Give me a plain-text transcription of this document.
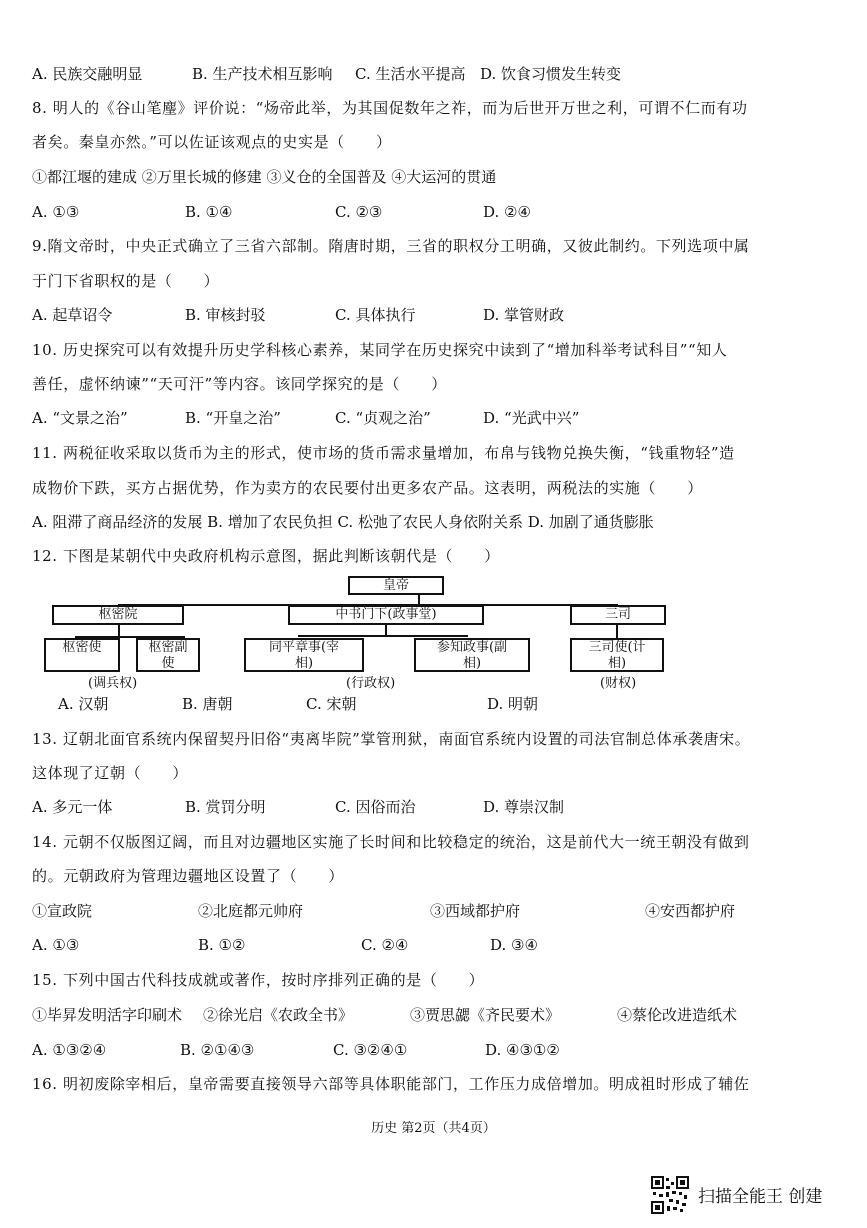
A. 民族交融明显	B. 生产技术相互影响 C. 生活水平提高 D. 饮食习惯发生转变
8. 明人的《谷山笔麈》评价说：“炀帝此举，为其国促数年之祚，而为后世开万世之利，可谓不仁而有功
者矣。秦皇亦然。”可以佐证该观点的史实是（　　）
①都江堰的建成 ②万里长城的修建 ③义仓的全国普及 ④大运河的贯通
A. ①③	B. ①④	C. ②③	D. ②④
9.隋文帝时，中央正式确立了三省六部制。隋唐时期，三省的职权分工明确，又彼此制约。下列选项中属
于门下省职权的是（　　）
A. 起草诏令	B. 审核封驳	C. 具体执行	D. 掌管财政
10. 历史探究可以有效提升历史学科核心素养，某同学在历史探究中读到了“增加科举考试科目”“知人
善任，虚怀纳谏”“天可汗”等内容。该同学探究的是（　　）
A. “文景之治”	B. “开皇之治”	C. “贞观之治”	D. “光武中兴”
11. 两税征收采取以货币为主的形式，使市场的货币需求量增加，布帛与钱物兑换失衡，“钱重物轻”造
成物价下跌，买方占据优势，作为卖方的农民要付出更多农产品。这表明，两税法的实施（　　）
A. 阻滞了商品经济的发展 B. 增加了农民负担 C. 松弛了农民人身依附关系 D. 加剧了通货膨胀
12. 下图是某朝代中央政府机构示意图，据此判断该朝代是（　　）
皇帝
枢密院	中书门下(政事堂)	三司
枢密使	枢密副使
同平章事(宰相)
参知政事(副相)
三司使(计相)
(调兵权)	(行政权)	(财权)
A. 汉朝	B. 唐朝	C. 宋朝	D. 明朝
13. 辽朝北面官系统内保留契丹旧俗“夷离毕院”掌管刑狱，南面官系统内设置的司法官制总体承袭唐宋。
这体现了辽朝（　　）
A. 多元一体	B. 赏罚分明	C. 因俗而治	D. 尊崇汉制
14. 元朝不仅版图辽阔，而且对边疆地区实施了长时间和比较稳定的统治，这是前代大一统王朝没有做到
的。元朝政府为管理边疆地区设置了（　　）
①宣政院	②北庭都元帅府	③西域都护府	④安西都护府
A. ①③	B. ①②	C. ②④	D. ③④
15. 下列中国古代科技成就或著作，按时序排列正确的是（　　）
①毕昇发明活字印刷术 ②徐光启《农政全书》	③贾思勰《齐民要术》	④蔡伦改进造纸术
A. ①③②④	B. ②①④③	C. ③②④①	D. ④③①②
16. 明初废除宰相后，皇帝需要直接领导六部等具体职能部门，工作压力成倍增加。明成祖时形成了辅佐
历史 第2页（共4页）
扫描全能王 创建
